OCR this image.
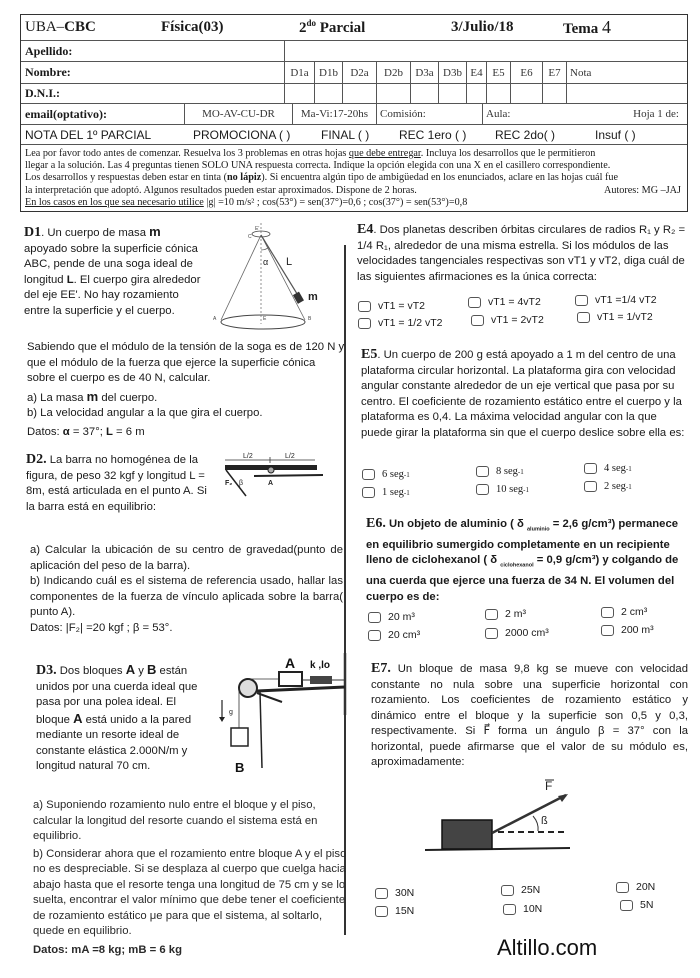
UBA–CBC	Física(03)	$2^{do}$ Parcial	3/Julio/18	Tema 4
Apellido:
Nombre:	D1a D1b	D2a	D2b	D3a D3b E4 E5	E6	E7 Nota
D.N.I.:
email(optativo):	MO-AV-CU-DR	Ma-Vi:17-20hs	Comisión:	Aula:	Hoja 1 de:
NOTA DEL 1º PARCIAL	PROMOCIONA ( )	FINAL ( ) REC 1ero ( ) REC 2do( )	Insuf ( )
Lea por favor todo antes de comenzar. Resuelva los 3 problemas en otras hojas que debe entregar. Incluya los desarrollos que le permitieron
llegar a la solución. Las 4 preguntas tienen SOLO UNA respuesta correcta. Indique la opción elegida con una X en el casillero correspondiente.
Los desarrollos y respuestas deben estar en tinta (no lápiz). Si encuentra algún tipo de ambigüedad en los enunciados, aclare en las hojas cuál fue
la interpretación que adoptó. Algunos resultados pueden estar aproximados. Dispone de 2 horas.	Autores: MG –JAJ
En los casos en los que sea necesario utilice |g| =10 m/s² ; cos(53°) = sen(37°)=0,6 ; cos(37°) = sen(53°)=0,8
D1. Un cuerpo de masa m apoyado sobre la superficie cónica ABC, pende de una soga ideal de longitud L. El cuerpo gira alrededor del eje EE'. No hay rozamiento entre la superficie y el cuerpo.
E'
C
α L
m
A	B
E
Sabiendo que el módulo de la tensión de la soga es de 120 N y que el módulo de la fuerza que ejerce la superficie cónica sobre el cuerpo es de 40 N, calcular.
a) La masa m del cuerpo.
b) La velocidad angular a la que gira el cuerpo.
Datos: α = 37°; L = 6 m
D2. La barra no homogénea de la figura, de peso 32 kgf y longitud L = 8m, está articulada en el punto A. Si la barra está en equilibrio:
L/2	L/2
F₂ β	A
a) Calcular la ubicación de su centro de gravedad(punto de aplicación del peso de la barra).
b) Indicando cuál es el sistema de referencia usado, hallar las componentes de la fuerza de vínculo aplicada sobre la barra( punto A).
Datos: |F₂| =20 kgf ; β = 53°.
D3. Dos bloques A y B están unidos por una cuerda ideal que pasa por una polea ideal. El bloque A está unido a la pared mediante un resorte ideal de constante elástica 2.000N/m y longitud natural 70 cm.
g
A k ,lo
B
a) Suponiendo rozamiento nulo entre el bloque y el piso, calcular la longitud del resorte cuando el sistema está en equilibrio.
b) Considerar ahora que el rozamiento entre bloque A y el piso no es despreciable. Si se desplaza al cuerpo que cuelga hacia abajo hasta que el resorte tenga una longitud de 75 cm y se lo suelta, encontrar el valor mínimo que debe tener el coeficiente de rozamiento estático μe para que el sistema, al soltarlo, quede en equilibrio.
Datos: mA =8 kg; mB = 6 kg
E4. Dos planetas describen órbitas circulares de radios R₁ y R₂ = 1/4 R₁, alrededor de una misma estrella. Si los módulos de las velocidades tangenciales respectivas son vT1 y vT2, diga cuál de las siguientes afirmaciones es la única correcta:
vT1 = vT2	vT1 = 4vT2	vT1 =1/4 vT2
vT1 = 1/2 vT2	vT1 = 2vT2	vT1 = 1/vT2
E5. Un cuerpo de 200 g está apoyado a 1 m del centro de una plataforma circular horizontal. La plataforma gira con velocidad angular constante alrededor de un eje vertical que pasa por su centro. El coeficiente de rozamiento estático entre el cuerpo y la plataforma es 0,4. La máxima velocidad angular con la que puede girar la plataforma sin que el cuerpo deslice sobre ella es:
6 seg -1	8 seg -1	4 seg -1
1 seg -1	10 seg -1	2 seg -1
E6. Un objeto de aluminio ( δ $_{aluminio}$ = 2,6 g/cm³) permanece en equilibrio sumergido completamente en un recipiente lleno de ciclohexanol ( δ $_{ciclohexanol}$ = 0,9 g/cm³) y colgando de una cuerda que ejerce una fuerza de 34 N. El volumen del cuerpo es de:
20 m³	2 m³	2 cm³
20 cm³	2000 cm³	200 m³
E7. Un bloque de masa 9,8 kg se mueve con velocidad constante no nula sobre una superficie horizontal con rozamiento. Los coeficientes de rozamiento estático y dinámico entre el bloque y la superficie son 0,5 y 0,3, respectivamente. Si F⃗ forma un ángulo β = 37° con la horizontal, puede afirmarse que el valor de su módulo es, aproximadamente:
ß
F
30N	25N	20N
15N	10N	5N
Altillo.com
